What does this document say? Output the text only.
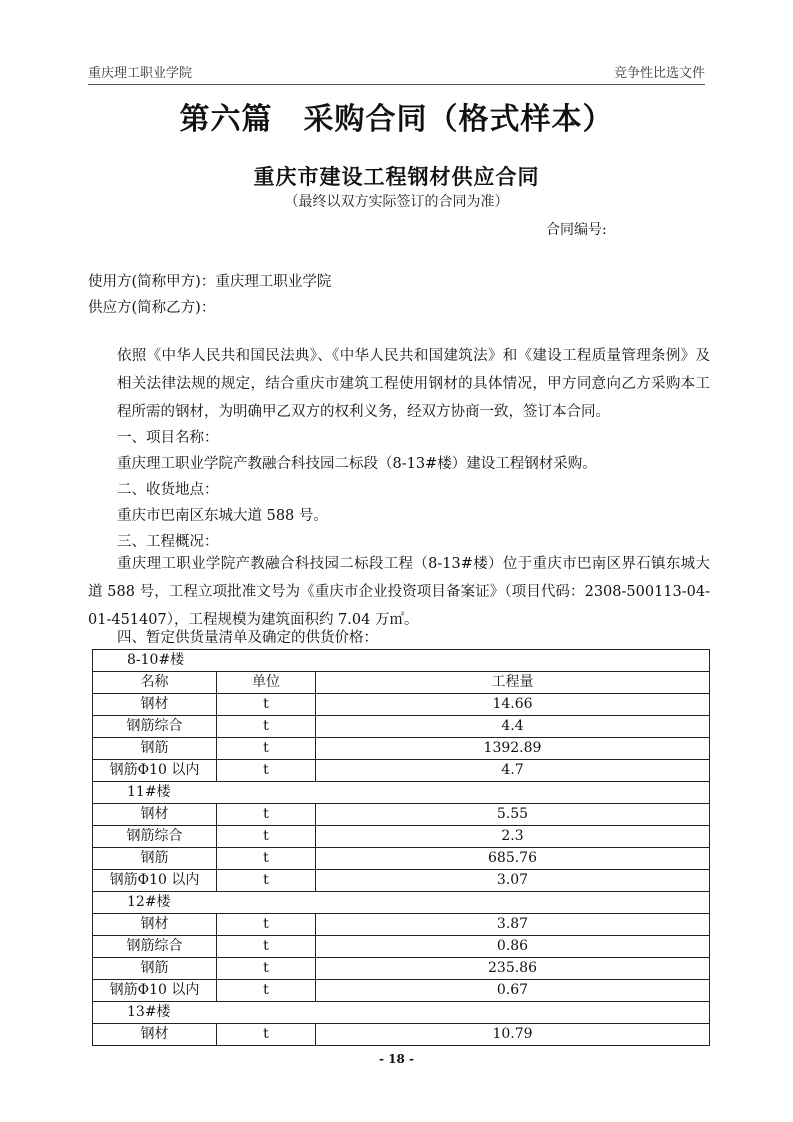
重庆理工职业学院	竞争性比选文件
第六篇　采购合同（格式样本）
重庆市建设工程钢材供应合同
（最终以双方实际签订的合同为准）
合同编号:
使用方(简称甲方)：重庆理工职业学院
供应方(简称乙方)：
依照《中华人民共和国民法典》、《中华人民共和国建筑法》和《建设工程质量管理条例》及相关法律法规的规定，结合重庆市建筑工程使用钢材的具体情况，甲方同意向乙方采购本工程所需的钢材，为明确甲乙双方的权利义务，经双方协商一致，签订本合同。
一、项目名称：
重庆理工职业学院产教融合科技园二标段（8-13#楼）建设工程钢材采购。
二、收货地点：
重庆市巴南区东城大道 588 号。
三、工程概况：
重庆理工职业学院产教融合科技园二标段工程（8-13#楼）位于重庆市巴南区界石镇东城大道 588 号，工程立项批准文号为《重庆市企业投资项目备案证》（项目代码：2308-500113-04-01-451407），工程规模为建筑面积约 7.04 万㎡。
四、暂定供货量清单及确定的供货价格：
8-10#楼		
名称	单位	工程量
钢材	t	14.66
钢筋综合	t	4.4
钢筋	t	1392.89
钢筋Φ10 以内	t	4.7
11#楼		
钢材	t	5.55
钢筋综合	t	2.3
钢筋	t	685.76
钢筋Φ10 以内	t	3.07
12#楼		
钢材	t	3.87
钢筋综合	t	0.86
钢筋	t	235.86
钢筋Φ10 以内	t	0.67
13#楼		
钢材	t	10.79
- 18 -
